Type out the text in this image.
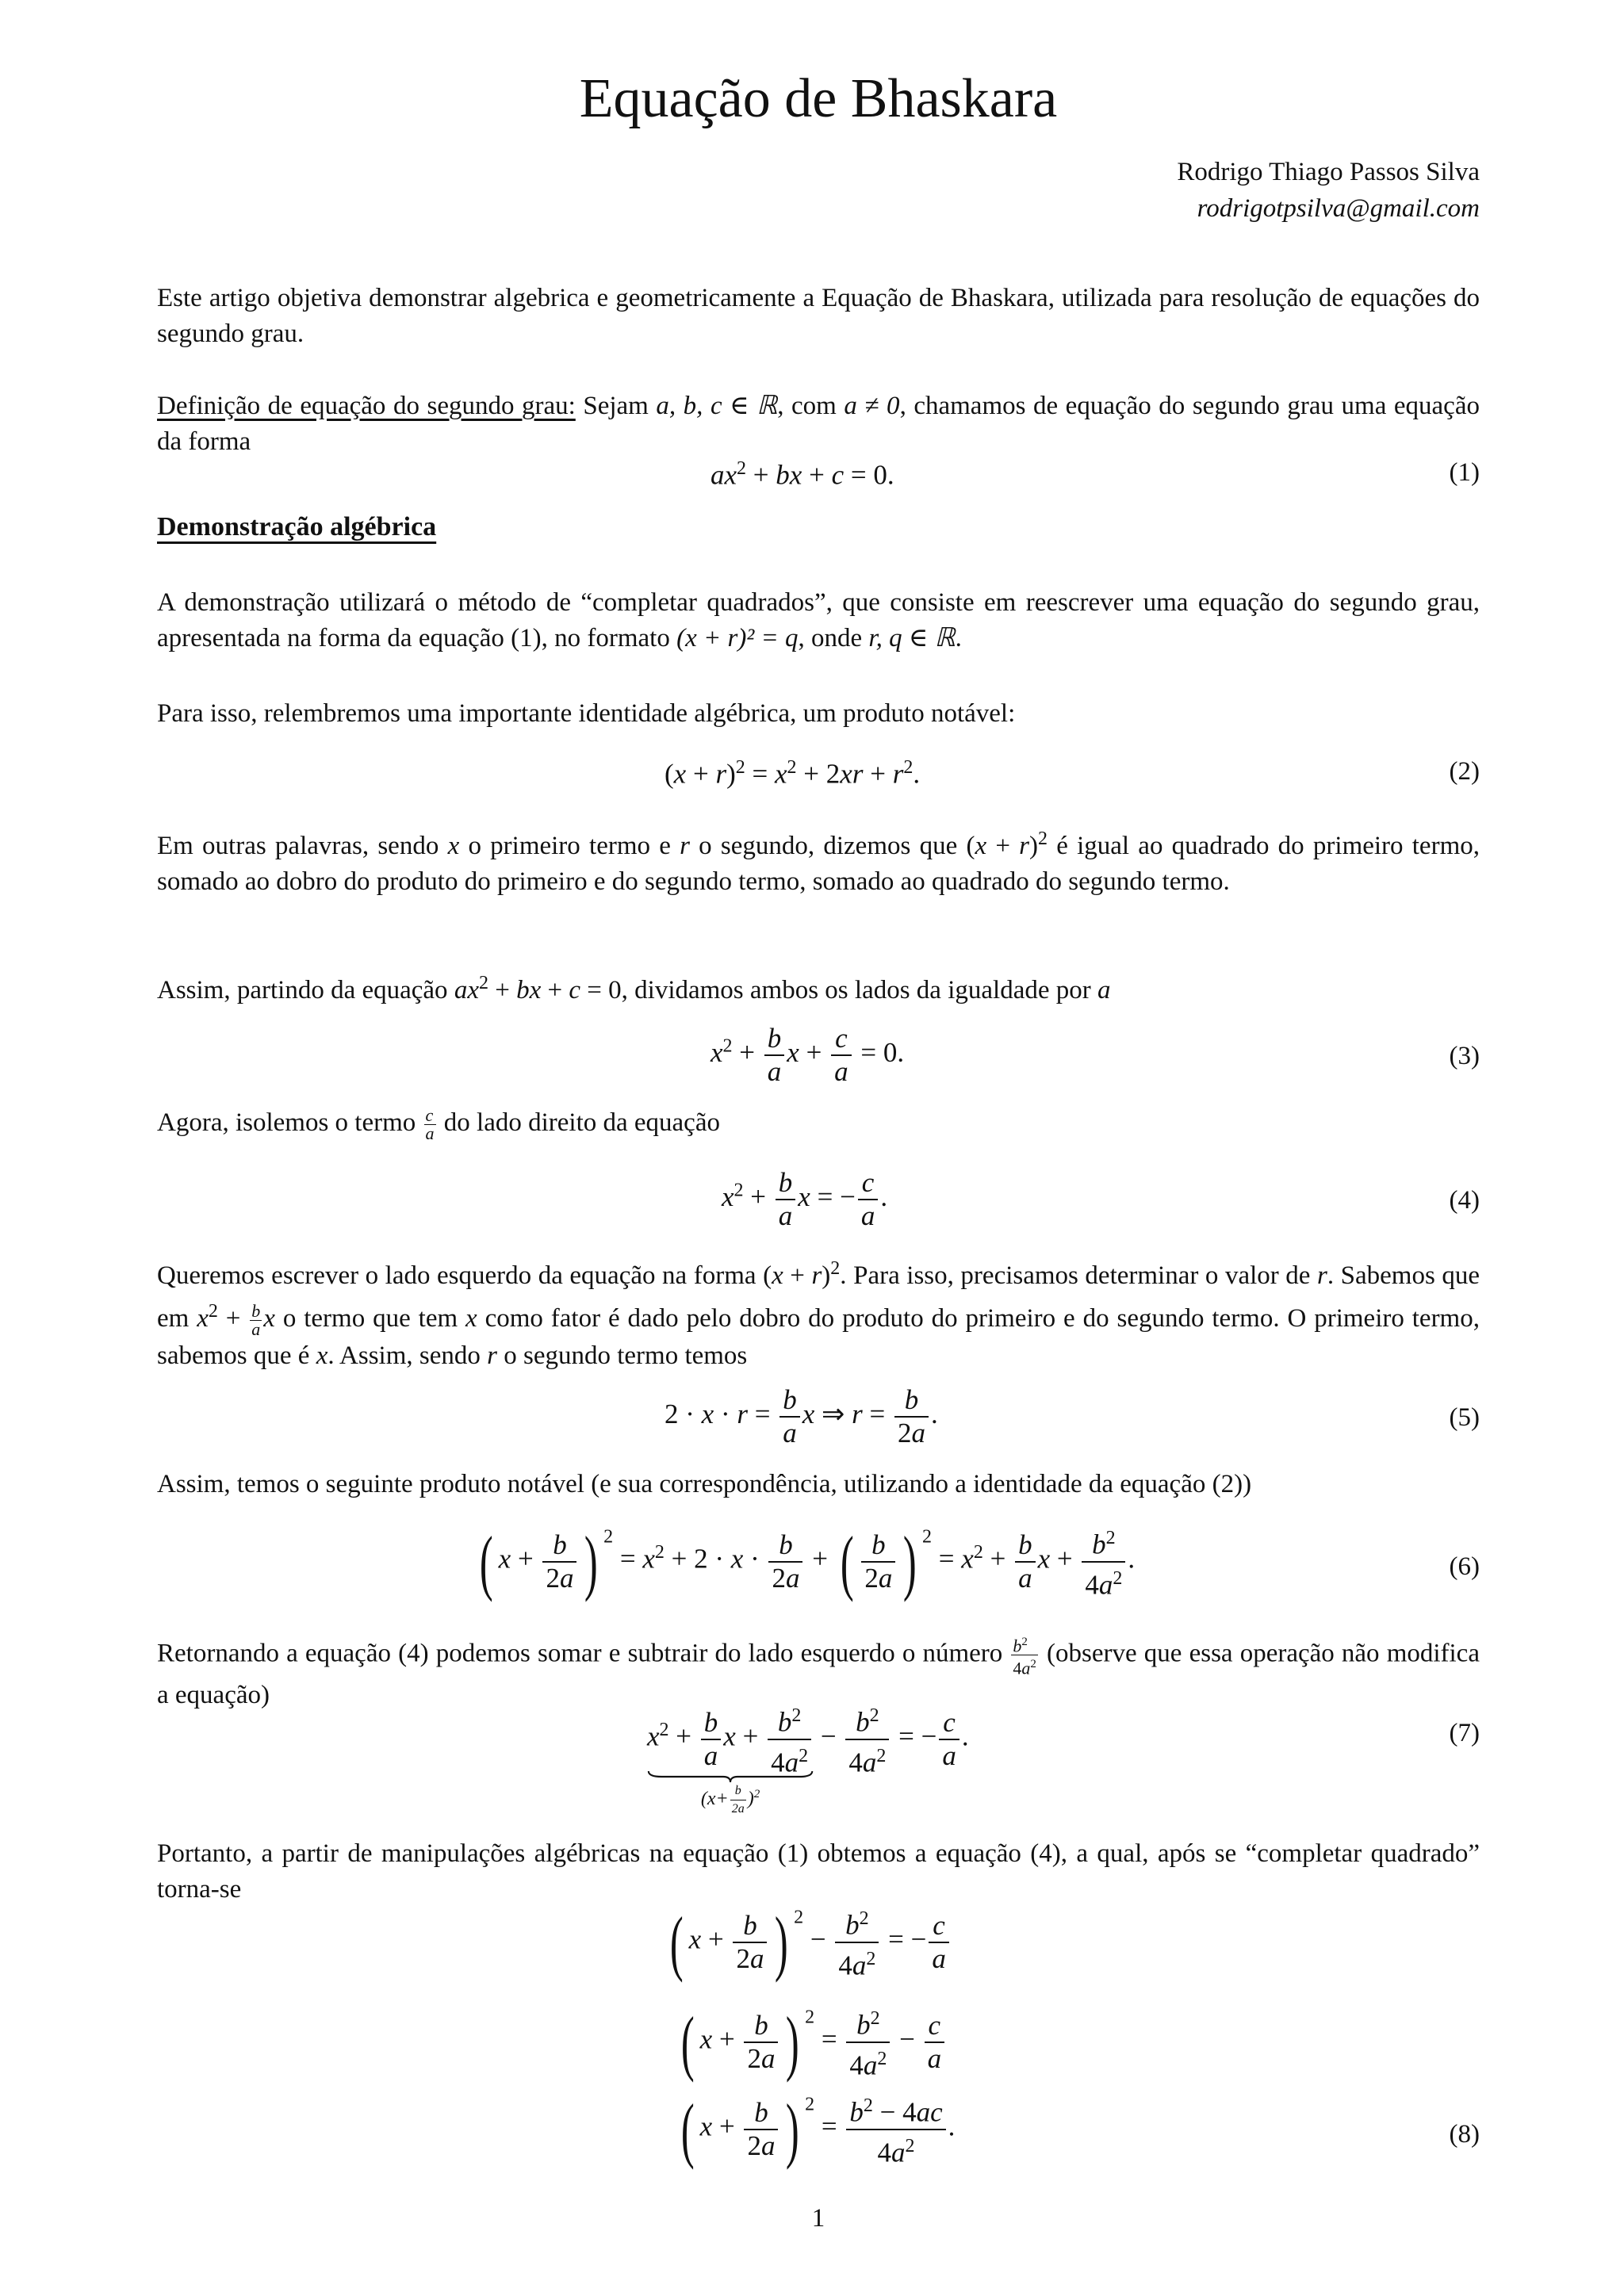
Equação de Bhaskara
Rodrigo Thiago Passos Silva
rodrigotpsilva@gmail.com
Este artigo objetiva demonstrar algebrica e geometricamente a Equação de Bhaskara, utilizada para resolução de equações do segundo grau.
Definição de equação do segundo grau: Sejam a, b, c ∈ ℝ, com a ≠ 0, chamamos de equação do segundo grau uma equação da forma
$ax^2$ + bx + c = 0.	(1)
Demonstração algébrica
A demonstração utilizará o método de “completar quadrados”, que consiste em reescrever uma equação do segundo grau, apresentada na forma da equação (1), no formato (x + r)² = q, onde r, q ∈ ℝ.
Para isso, relembremos uma importante identidade algébrica, um produto notável:
$(x + r)^2 = x^2 + 2xr + r^2$.	(2)
Em outras palavras, sendo x o primeiro termo e r o segundo, dizemos que $(x + r)^2$ é igual ao quadrado do primeiro termo, somado ao dobro do produto do primeiro e do segundo termo, somado ao quadrado do segundo termo.
Assim, partindo da equação $ax^2$ + bx + c = 0, dividamos ambos os lados da igualdade por a
$x^2 + \frac{b}{a}$ $x + \frac{c}{a} = 0$.	(3)
Agora, isolemos o termo $\frac{c}{a}$ do lado direito da equação
$x^2 + \frac{b}{a}$ x = − $\frac{c}{a}$ .	(4)
Queremos escrever o lado esquerdo da equação na forma $(x + r)^2$. Para isso, precisamos determinar o valor de r. Sabemos que em $x^2 + \frac{b}{a}$ x o termo que tem x como fator é dado pelo dobro do produto do primeiro e do segundo termo. O primeiro termo, sabemos que é x. Assim, sendo r o segundo termo temos
$2 \cdot x \cdot r = \frac{b}{a}$ x ⇒ $r = \frac{b}{2a}$ .	(5)
Assim, temos o seguinte produto notável (e sua correspondência, utilizando a identidade da equação (2))
( $x + \frac{b}{2a}$ ) $^2 = x^2 + 2 \cdot x \cdot \frac{b}{2a}$ + ( $\frac{b}{2a}$ ) $^2 = x^2 + \frac{b}{a}$ $x + \frac{b^2}{4a^2}$ .	(6)
Retornando a equação (4) podemos somar e subtrair do lado esquerdo o número $\frac{b^2}{4a^2}$ (observe que essa operação não modifica a equação)
$x^2 + \frac{b}{a}$ $x + \frac{b^2}{4a^2}$
$(x+ \frac{b}{2a} )^2$
− $\frac{b^2}{4a^2}$ = − $\frac{c}{a}$ .	(7)
Portanto, a partir de manipulações algébricas na equação (1) obtemos a equação (4), a qual, após se “completar quadrado” torna-se
( $x + \frac{b}{2a}$ ) $^2 - \frac{b^2}{4a^2}$ = − $\frac{c}{a}$
( $x + \frac{b}{2a}$ ) $^2 = \frac{b^2}{4a^2} - \frac{c}{a}$
( $x + \frac{b}{2a}$ ) $^2 = \frac{b^2 - 4ac}{4a^2}$ .	(8)
1
